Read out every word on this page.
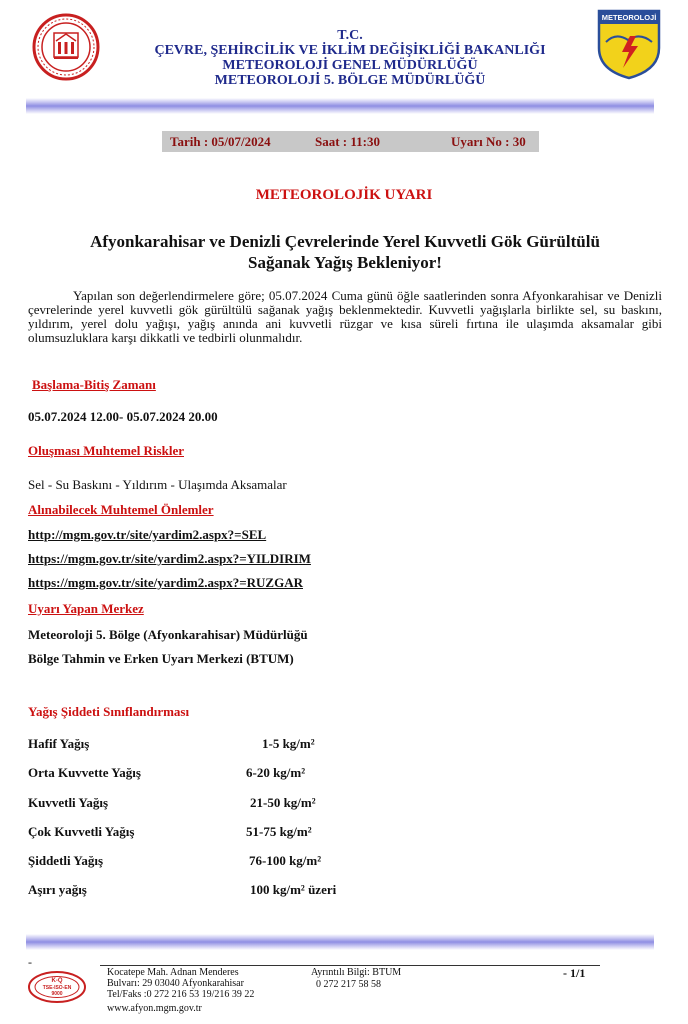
T.C.
ÇEVRE, ŞEHİRCİLİK VE İKLİM DEĞİŞİKLİĞİ BAKANLIĞI
METEOROLOJİ GENEL MÜDÜRLÜĞÜ
METEOROLOJİ 5. BÖLGE MÜDÜRLÜĞÜ
METEOROLOJİ
Tarih : 05/07/2024	Saat : 11:30	Uyarı No : 30
METEOROLOJİK UYARI
Afyonkarahisar ve Denizli Çevrelerinde Yerel Kuvvetli Gök Gürültülü Sağanak Yağış Bekleniyor!
Yapılan son değerlendirmelere göre; 05.07.2024 Cuma günü öğle saatlerinden sonra Afyonkarahisar ve Denizli çevrelerinde yerel kuvvetli gök gürültülü sağanak yağış beklenmektedir. Kuvvetli yağışlarla birlikte sel, su baskını, yıldırım, yerel dolu yağışı, yağış anında ani kuvvetli rüzgar ve kısa süreli fırtına ile ulaşımda aksamalar gibi olumsuzluklara karşı dikkatli ve tedbirli olunmalıdır.
Başlama-Bitiş Zamanı
05.07.2024 12.00- 05.07.2024 20.00
Oluşması Muhtemel Riskler
Sel - Su Baskını - Yıldırım - Ulaşımda Aksamalar
Alınabilecek Muhtemel Önlemler
http://mgm.gov.tr/site/yardim2.aspx?=SEL
https://mgm.gov.tr/site/yardim2.aspx?=YILDIRIM
https://mgm.gov.tr/site/yardim2.aspx?=RUZGAR
Uyarı Yapan Merkez
Meteoroloji 5. Bölge (Afyonkarahisar) Müdürlüğü
Bölge Tahmin ve Erken Uyarı Merkezi (BTUM)
Yağış Şiddeti Sınıflandırması
Hafif Yağış	1-5 kg/m²
Orta Kuvvette Yağış	6-20 kg/m²
Kuvvetli Yağış	21-50 kg/m²
Çok Kuvvetli Yağış	51-75 kg/m²
Şiddetli Yağış	76-100 kg/m²
Aşırı yağış	100 kg/m² üzeri
-
K-Q
TSE-ISO-EN 9000
Kocatepe Mah. Adnan Menderes
Bulvarı: 29 03040 Afyonkarahisar
Tel/Faks :0 272 216 53 19/216 39 22
www.afyon.mgm.gov.tr
Ayrıntılı Bilgi: BTUM
0 272 217 58 58
- 1/1
